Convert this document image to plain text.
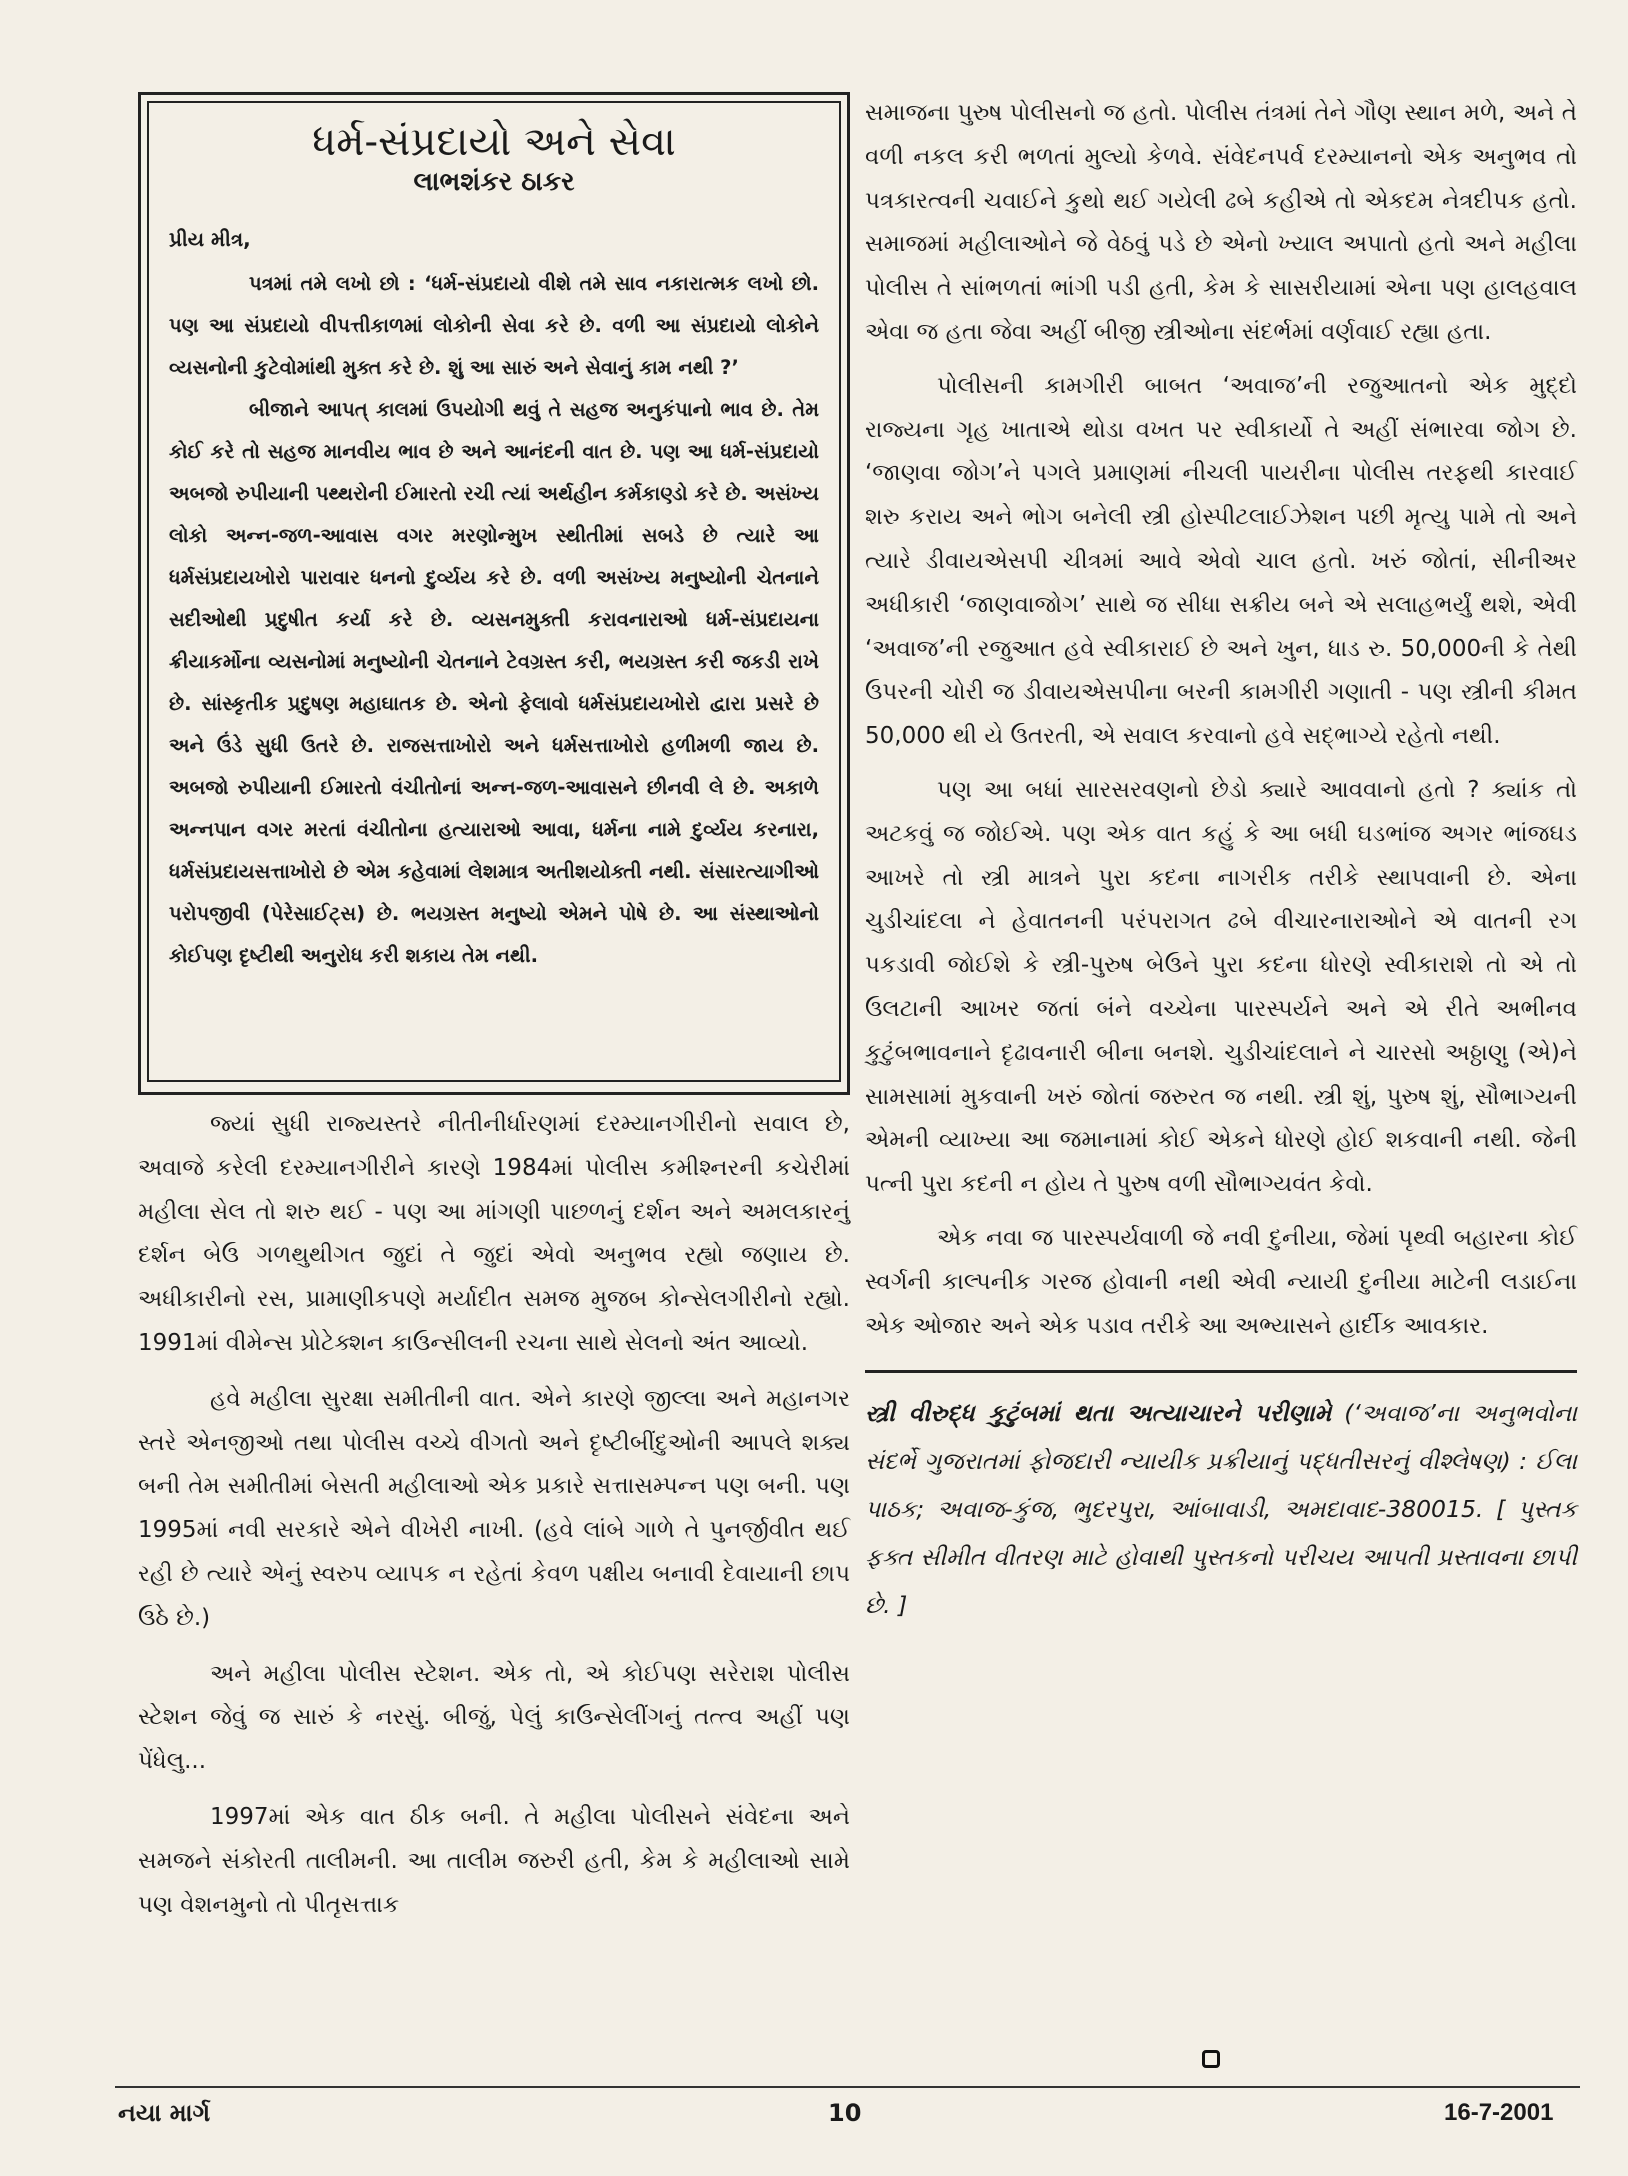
ધર્મ-સંપ્રદાયો અને સેવા
લાભશંકર ઠાકર
પ્રીય મીત્ર,

પત્રમાં તમે લખો છો : ‘ધર્મ-સંપ્રદાયો વીશે તમે સાવ નકારાત્મક લખો છો. પણ આ સંપ્રદાયો વીપત્તીકાળમાં લોકોની સેવા કરે છે. વળી આ સંપ્રદાયો લોકોને વ્યસનોની કુટેવોમાંથી મુક્ત કરે છે. શું આ સારું અને સેવાનું કામ નથી ?’

બીજાને આપત્ કાલમાં ઉપયોગી થવું તે સહજ અનુકંપાનો ભાવ છે. તેમ કોઈ કરે તો સહજ માનવીય ભાવ છે અને આનંદની વાત છે. પણ આ ધર્મ-સંપ્રદાયો અબજો રુપીયાની પથ્થરોની ઈમારતો રચી ત્યાં અર્થહીન કર્મકાણ્ડો કરે છે. અસંખ્ય લોકો અન્ન-જળ-આવાસ વગર મરણોન્મુખ સ્થીતીમાં સબડે છે ત્યારે આ ધર્મસંપ્રદાયખોરો પારાવાર ધનનો દુર્વ્યય કરે છે. વળી અસંખ્ય મનુષ્યોની ચેતનાને સદીઓથી પ્રદુષીત કર્યા કરે છે. વ્યસનમુક્તી કરાવનારાઓ ધર્મ-સંપ્રદાયના ક્રીયાકર્મોના વ્યસનોમાં મનુષ્યોની ચેતનાને ટેવગ્રસ્ત કરી, ભયગ્રસ્ત કરી જકડી રાખે છે. સાંસ્કૃતીક પ્રદુષણ મહાઘાતક છે. એનો ફેલાવો ધર્મસંપ્રદાયખોરો દ્વારા પ્રસરે છે અને ઉંડે સુધી ઉતરે છે. રાજસત્તાખોરો અને ધર્મસત્તાખોરો હળીમળી જાય છે. અબજો રુપીયાની ઈમારતો વંચીતોનાં અન્ન-જળ-આવાસને છીનવી લે છે. અકાળે અન્નપાન વગર મરતાં વંચીતોના હત્યારાઓ આવા, ધર્મના નામે દુર્વ્યય કરનારા, ધર્મસંપ્રદાયસત્તાખોરો છે એમ કહેવામાં લેશમાત્ર અતીશયોક્તી નથી. સંસારત્યાગીઓ પરોપજીવી (પેરેસાઈટ્સ) છે. ભયગ્રસ્ત મનુષ્યો એમને પોષે છે. આ સંસ્થાઓનો કોઈપણ દૃષ્ટીથી અનુરોધ કરી શકાય તેમ નથી.

જ્યાં સુધી રાજ્યસ્તરે નીતીનીર્ધારણમાં દરમ્યાનગીરીનો સવાલ છે, અવાજે કરેલી દરમ્યાનગીરીને કારણે 1984માં પોલીસ કમીશ્નરની કચેરીમાં મહીલા સેલ તો શરુ થઈ - પણ આ માંગણી પાછળનું દર્શન અને અમલકારનું દર્શન બેઉ ગળથુથીગત જુદાં તે જુદાં એવો અનુભવ રહ્યો જણાય છે. અધીકારીનો રસ, પ્રામાણીકપણે મર્યાદીત સમજ મુજબ કોન્સેલગીરીનો રહ્યો. 1991માં વીમેન્સ પ્રોટેક્શન કાઉન્સીલની રચના સાથે સેલનો અંત આવ્યો.

હવે મહીલા સુરક્ષા સમીતીની વાત. એને કારણે જીલ્લા અને મહાનગર સ્તરે એનજીઓ તથા પોલીસ વચ્ચે વીગતો અને દૃષ્ટીબીંદુઓની આપલે શક્ય બની તેમ સમીતીમાં બેસતી મહીલાઓ એક પ્રકારે સત્તાસમ્પન્ન પણ બની. પણ 1995માં નવી સરકારે એને વીખેરી નાખી. (હવે લાંબે ગાળે તે પુનર્જીવીત થઈ રહી છે ત્યારે એનું સ્વરુપ વ્યાપક ન રહેતાં કેવળ પક્ષીય બનાવી દેવાયાની છાપ ઉઠે છે.)

અને મહીલા પોલીસ સ્ટેશન. એક તો, એ કોઈપણ સરેરાશ પોલીસ સ્ટેશન જેવું જ સારું કે નરસું. બીજું, પેલું કાઉન્સેલીંગનું તત્ત્વ અહીં પણ પેંધેલુ...

1997માં એક વાત ઠીક બની. તે મહીલા પોલીસને સંવેદના અને સમજને સંકોરતી તાલીમની. આ તાલીમ જરુરી હતી, કેમ કે મહીલાઓ સામે પણ વેશનમુનો તો પીતૃસત્તાક

સમાજના પુરુષ પોલીસનો જ હતો. પોલીસ તંત્રમાં તેને ગૌણ સ્થાન મળે, અને તે વળી નકલ કરી ભળતાં મુલ્યો કેળવે. સંવેદનપર્વ દરમ્યાનનો એક અનુભવ તો પત્રકારત્વની ચવાઈને કુથો થઈ ગયેલી ઢબે કહીએ તો એકદમ નેત્રદીપક હતો. સમાજમાં મહીલાઓને જે વેઠવું પડે છે એનો ખ્યાલ અપાતો હતો અને મહીલા પોલીસ તે સાંભળતાં ભાંગી પડી હતી, કેમ કે સાસરીયામાં એના પણ હાલહવાલ એવા જ હતા જેવા અહીં બીજી સ્ત્રીઓના સંદર્ભમાં વર્ણવાઈ રહ્યા હતા.

પોલીસની કામગીરી બાબત ‘અવાજ’ની રજુઆતનો એક મુદ્દો રાજ્યના ગૃહ ખાતાએ થોડા વખત પર સ્વીકાર્યો તે અહીં સંભારવા જોગ છે. ‘જાણવા જોગ’ને પગલે પ્રમાણમાં નીચલી પાયરીના પોલીસ તરફથી કારવાઈ શરુ કરાય અને ભોગ બનેલી સ્ત્રી હોસ્પીટલાઈઝેશન પછી મૃત્યુ પામે તો અને ત્યારે ડીવાયએસપી ચીત્રમાં આવે એવો ચાલ હતો. ખરું જોતાં, સીનીઅર અધીકારી ‘જાણવાજોગ’ સાથે જ સીધા સક્રીય બને એ સલાહભર્યું થશે, એવી ‘અવાજ’ની રજુઆત હવે સ્વીકારાઈ છે અને ખુન, ધાડ રુ. 50,000ની કે તેથી ઉપરની ચોરી જ ડીવાયએસપીના બરની કામગીરી ગણાતી - પણ સ્ત્રીની કીમત 50,000 થી યે ઉતરતી, એ સવાલ કરવાનો હવે સદ્ભાગ્યે રહેતો નથી.

પણ આ બધાં સારસરવણનો છેડો ક્યારે આવવાનો હતો ? ક્યાંક તો અટકવું જ જોઈએ. પણ એક વાત કહું કે આ બધી ઘડભાંજ અગર ભાંજઘડ આખરે તો સ્ત્રી માત્રને પુરા કદના નાગરીક તરીકે સ્થાપવાની છે. એના ચુડીચાંદલા ને હેવાતનની પરંપરાગત ઢબે વીચારનારાઓને એ વાતની રગ પકડાવી જોઈશે કે સ્ત્રી-પુરુષ બેઉને પુરા કદના ધોરણે સ્વીકારાશે તો એ તો ઉલટાની આખર જતાં બંને વચ્ચેના પારસ્પર્યને અને એ રીતે અભીનવ કુટુંબભાવનાને દૃઢાવનારી બીના બનશે. ચુડીચાંદલાને ને ચારસો અઠ્ઠાણુ (એ)ને સામસામાં મુકવાની ખરું જોતાં જરુરત જ નથી. સ્ત્રી શું, પુરુષ શું, સૌભાગ્યની એમની વ્યાખ્યા આ જમાનામાં કોઈ એકને ધોરણે હોઈ શકવાની નથી. જેની પત્ની પુરા કદની ન હોય તે પુરુષ વળી સૌભાગ્યવંત કેવો.

એક નવા જ પારસ્પર્યવાળી જે નવી દુનીયા, જેમાં પૃથ્વી બહારના કોઈ સ્વર્ગની કાલ્પનીક ગરજ હોવાની નથી એવી ન્યાયી દુનીયા માટેની લડાઈના એક ઓજાર અને એક પડાવ તરીકે આ અભ્યાસને હાર્દીક આવકાર.

સ્ત્રી વીરુદ્ધ કુટુંબમાં થતા અત્યાચારને પરીણામે (‘અવાજ’ના અનુભવોના સંદર્ભે ગુજરાતમાં ફોજદારી ન્યાયીક પ્રક્રીયાનું પદ્ધતીસરનું વીશ્લેષણ) : ઈલા પાઠક; અવાજ-કુંજ, ભુદરપુરા, આંબાવાડી, અમદાવાદ-380015. [ પુસ્તક ફક્ત સીમીત વીતરણ માટે હોવાથી પુસ્તકનો પરીચય આપતી પ્રસ્તાવના છાપી છે. ]

નયા માર્ગ	10	16-7-2001
